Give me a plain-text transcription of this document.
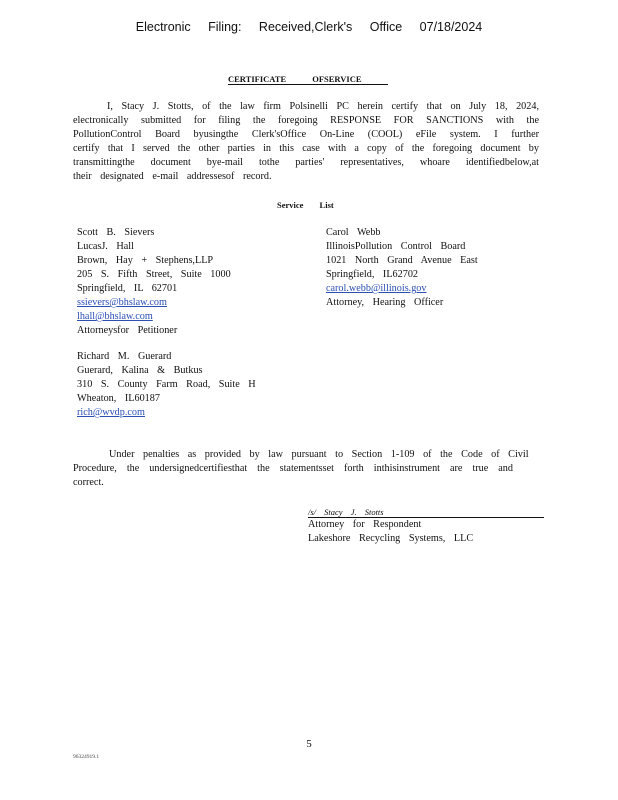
Electronic Filing: Received,Clerk's Office 07/18/2024
CERTIFICATE OFSERVICE
I, Stacy J. Stotts, of the law firm Polsinelli PC herein certify that on July 18, 2024,
electronically submitted for filing the foregoing RESPONSE FOR SANCTIONS with the
PollutionControl Board byusingthe Clerk'sOffice On-Line (COOL) eFile system. I further
certify that I served the other parties in this case with a copy of the foregoing document by
transmittingthe document bye-mail tothe parties' representatives, whoare identifiedbelow,at
their designated e-mail addressesof record.
Service List
Scott B. Sievers
LucasJ. Hall
Brown, Hay + Stephens,LLP
205 S. Fifth Street, Suite 1000
Springfield, IL 62701
ssievers@bhslaw.com
lhall@bhslaw.com
Attorneysfor Petitioner
Carol Webb
IllinoisPollution Control Board
1021 North Grand Avenue East
Springfield, IL62702
carol.webb@illinois.gov
Attorney, Hearing Officer
Richard M. Guerard
Guerard, Kalina & Butkus
310 S. County Farm Road, Suite H
Wheaton, IL60187
rich@wvdp.com
Under penalties as provided by law pursuant to Section 1-109 of the Code of Civil
Procedure, the undersignedcertifiesthat the statementsset forth inthisinstrument are true and
correct.
/s/ Stacy J. Stotts
Attorney for Respondent
Lakeshore Recycling Systems, LLC
5
96324919.1
